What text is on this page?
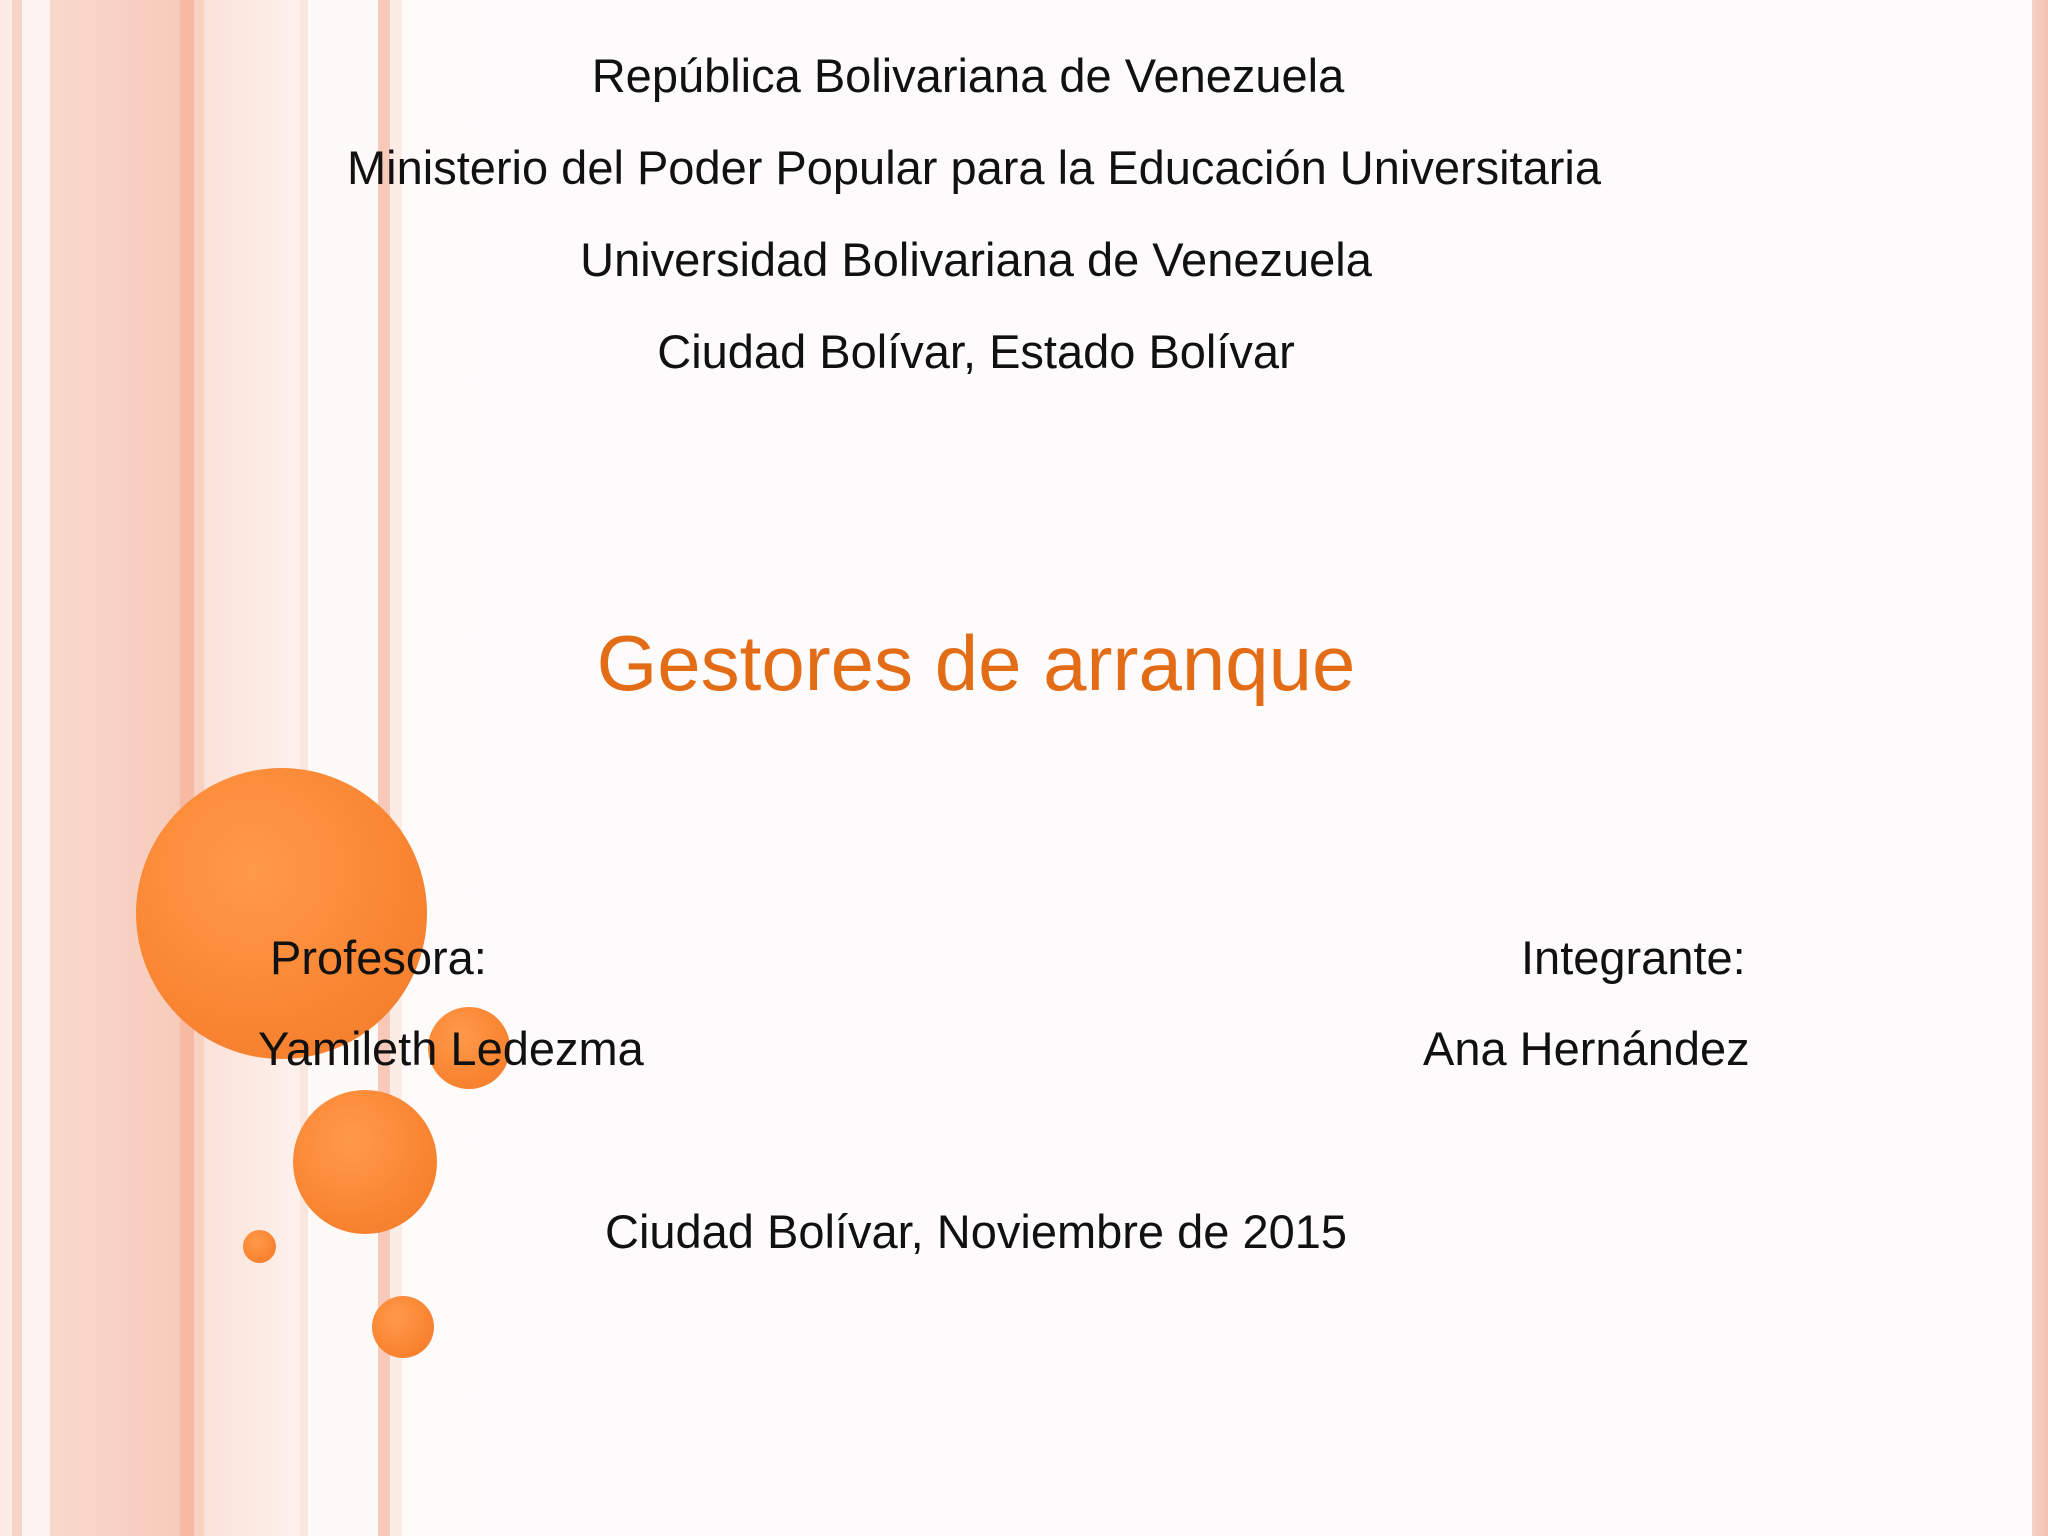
República Bolivariana de Venezuela
Ministerio del Poder Popular para la Educación Universitaria
Universidad Bolivariana de Venezuela
Ciudad Bolívar, Estado Bolívar
Gestores de arranque
Profesora:
Yamileth Ledezma
Integrante:
Ana Hernández
Ciudad Bolívar, Noviembre de 2015
